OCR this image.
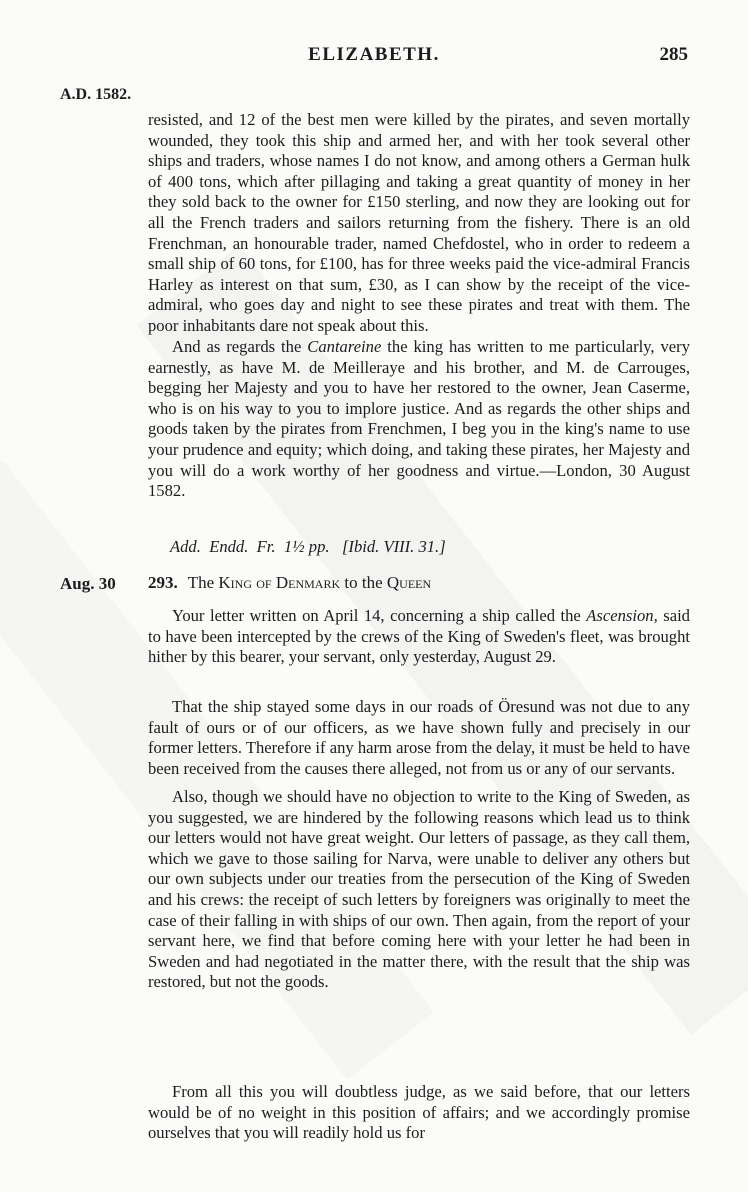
ELIZABETH.	285
A.D. 1582.

resisted, and 12 of the best men were killed by the pirates, and seven mortally wounded, they took this ship and armed her, and with her took several other ships and traders, whose names I do not know, and among others a German hulk of 400 tons, which after pillaging and taking a great quantity of money in her they sold back to the owner for £150 sterling, and now they are looking out for all the French traders and sailors returning from the fishery. There is an old Frenchman, an honourable trader, named Chefdostel, who in order to redeem a small ship of 60 tons, for £100, has for three weeks paid the vice-admiral Francis Harley as interest on that sum, £30, as I can show by the receipt of the vice-admiral, who goes day and night to see these pirates and treat with them. The poor inhabitants dare not speak about this.

And as regards the Cantareine the king has written to me particularly, very earnestly, as have M. de Meilleraye and his brother, and M. de Carrouges, begging her Majesty and you to have her restored to the owner, Jean Caserme, who is on his way to you to implore justice. And as regards the other ships and goods taken by the pirates from Frenchmen, I beg you in the king's name to use your prudence and equity; which doing, and taking these pirates, her Majesty and you will do a work worthy of her goodness and virtue.—London, 30 August 1582.

Add. Endd. Fr. 1½ pp. [Ibid. VIII. 31.]
Aug. 30 293. The King of Denmark to the Queen

Your letter written on April 14, concerning a ship called the Ascension, said to have been intercepted by the crews of the King of Sweden's fleet, was brought hither by this bearer, your servant, only yesterday, August 29.

That the ship stayed some days in our roads of Öresund was not due to any fault of ours or of our officers, as we have shown fully and precisely in our former letters. Therefore if any harm arose from the delay, it must be held to have been received from the causes there alleged, not from us or any of our servants.

Also, though we should have no objection to write to the King of Sweden, as you suggested, we are hindered by the following reasons which lead us to think our letters would not have great weight. Our letters of passage, as they call them, which we gave to those sailing for Narva, were unable to deliver any others but our own subjects under our treaties from the persecution of the King of Sweden and his crews: the receipt of such letters by foreigners was originally to meet the case of their falling in with ships of our own. Then again, from the report of your servant here, we find that before coming here with your letter he had been in Sweden and had negotiated in the matter there, with the result that the ship was restored, but not the goods.

From all this you will doubtless judge, as we said before, that our letters would be of no weight in this position of affairs; and we accordingly promise ourselves that you will readily hold us for
